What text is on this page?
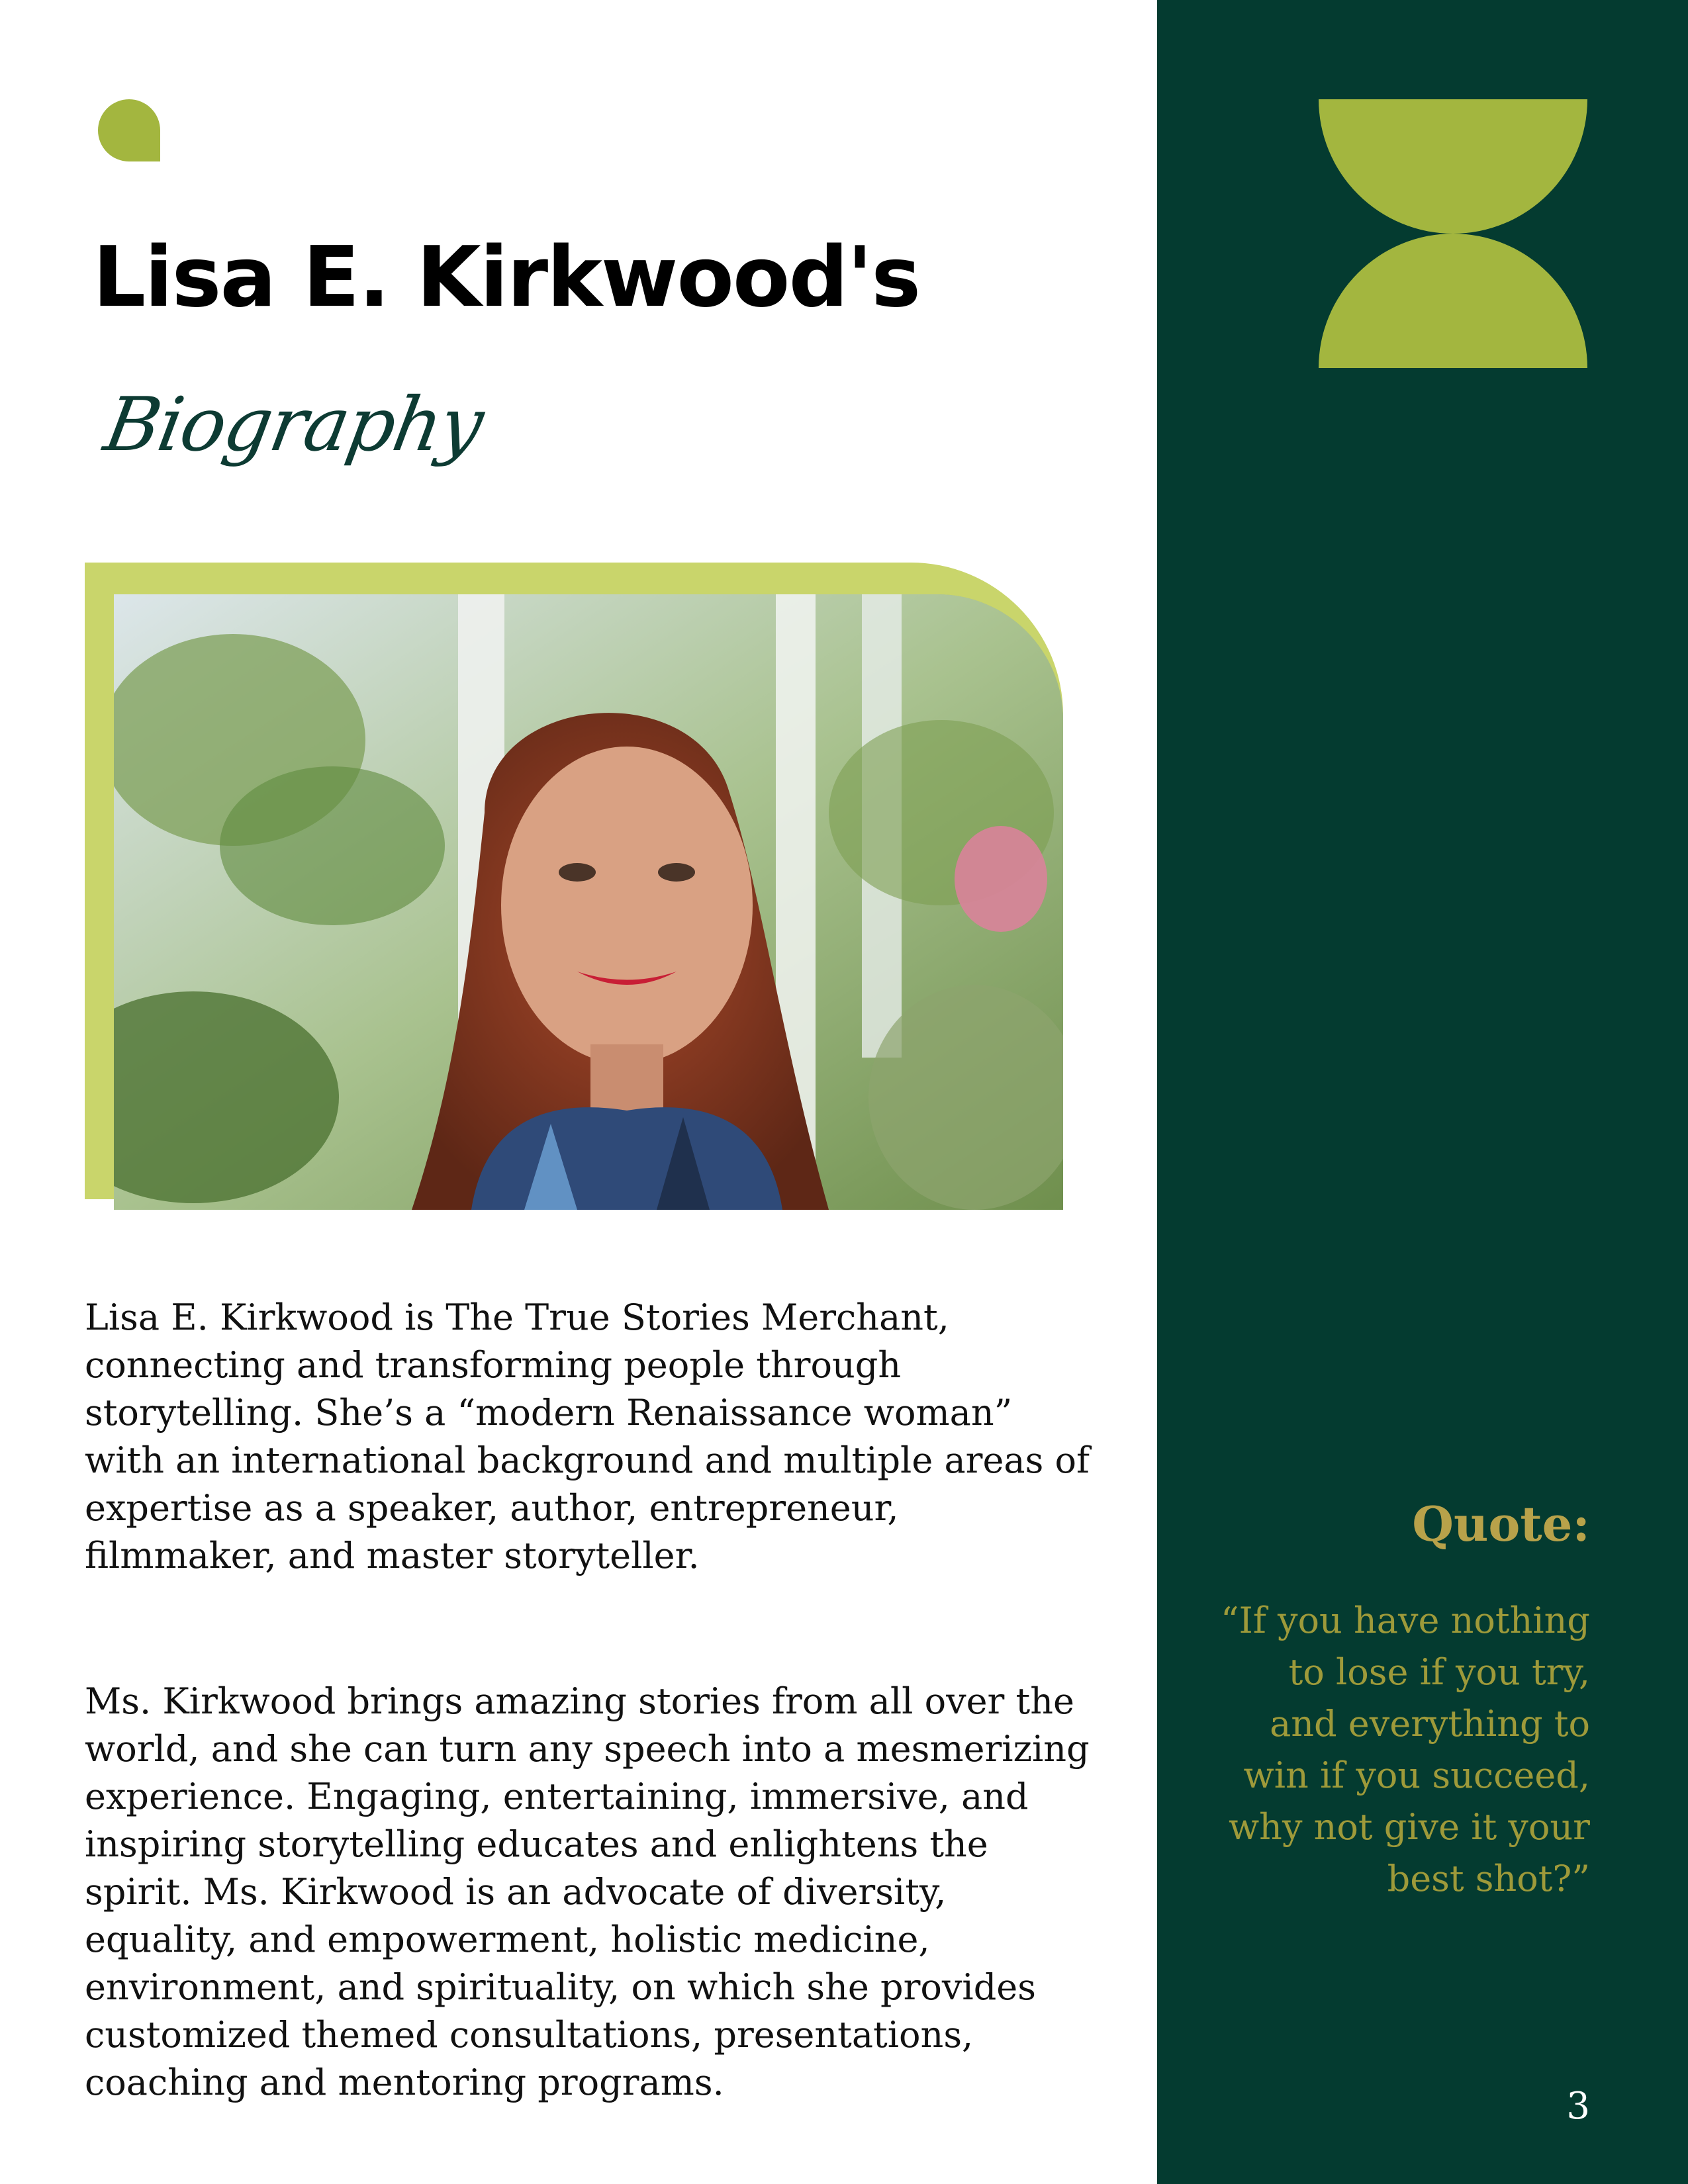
Lisa E. Kirkwood's
Biography

Lisa E. Kirkwood is The True Stories Merchant, connecting and transforming people through storytelling. She’s a “modern Renaissance woman” with an international background and multiple areas of expertise as a speaker, author, entrepreneur, filmmaker, and master storyteller.

Ms. Kirkwood brings amazing stories from all over the world, and she can turn any speech into a mesmerizing experience. Engaging, entertaining, immersive, and inspiring storytelling educates and enlightens the spirit. Ms. Kirkwood is an advocate of diversity, equality, and empowerment, holistic medicine, environment, and spirituality, on which she provides customized themed consultations, presentations, coaching and mentoring programs.

Quote:

“If you have nothing to lose if you try, and everything to win if you succeed, why not give it your best shot?”

3
